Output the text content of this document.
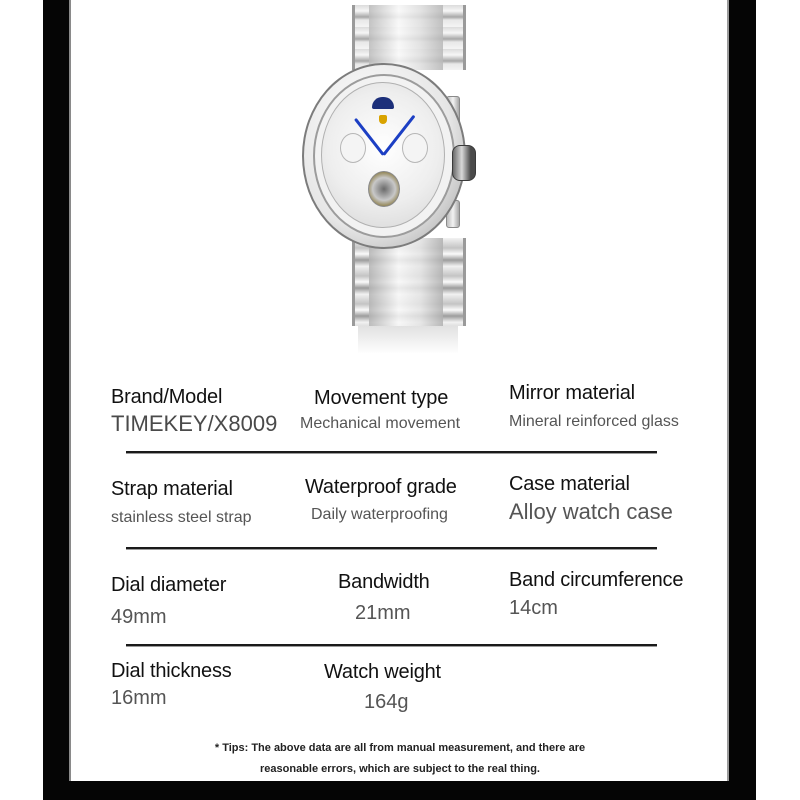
Brand/Model
TIMEKEY/X8009
Movement type
Mechanical movement
Mirror material
Mineral reinforced glass
Strap material
stainless steel strap
Waterproof grade
Daily waterproofing
Case material
Alloy watch case
Dial diameter
49mm
Bandwidth
21mm
Band circumference
14cm
Dial thickness
16mm
Watch weight
164g
* Tips: The above data are all from manual measurement, and there are
reasonable errors, which are subject to the real thing.
